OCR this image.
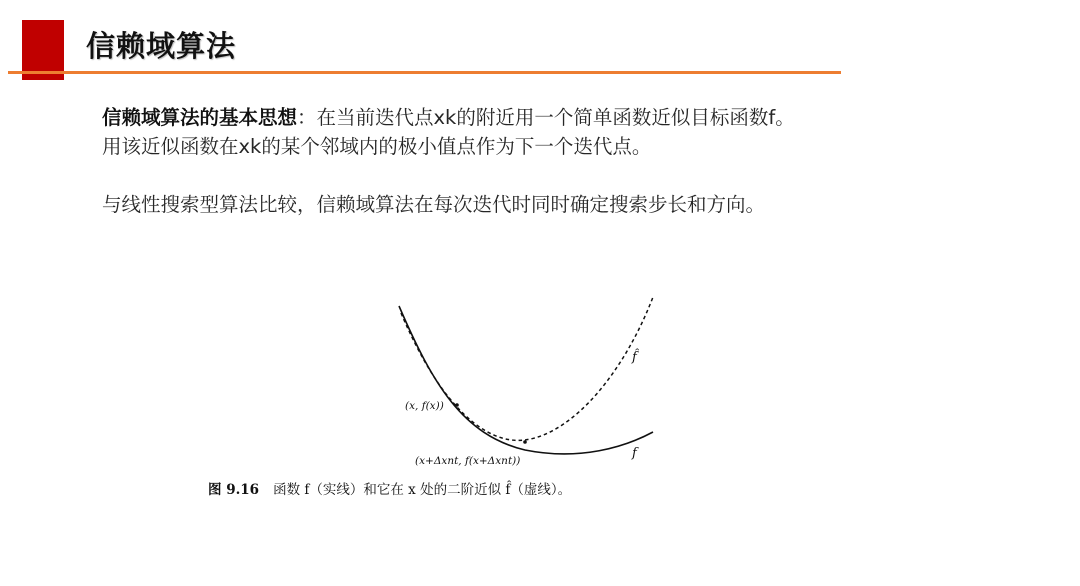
信赖域算法

信赖域算法的基本思想：在当前迭代点xk的附近用一个简单函数近似目标函数f。

用该近似函数在xk的某个邻域内的极小值点作为下一个迭代点。

与线性搜索型算法比较，信赖域算法在每次迭代时同时确定搜索步长和方向。

f̂
f
(x, f(x))
(x+Δxnt, f(x+Δxnt))
图 9.16 函数 f（实线）和它在 x 处的二阶近似 f̂（虚线）。
